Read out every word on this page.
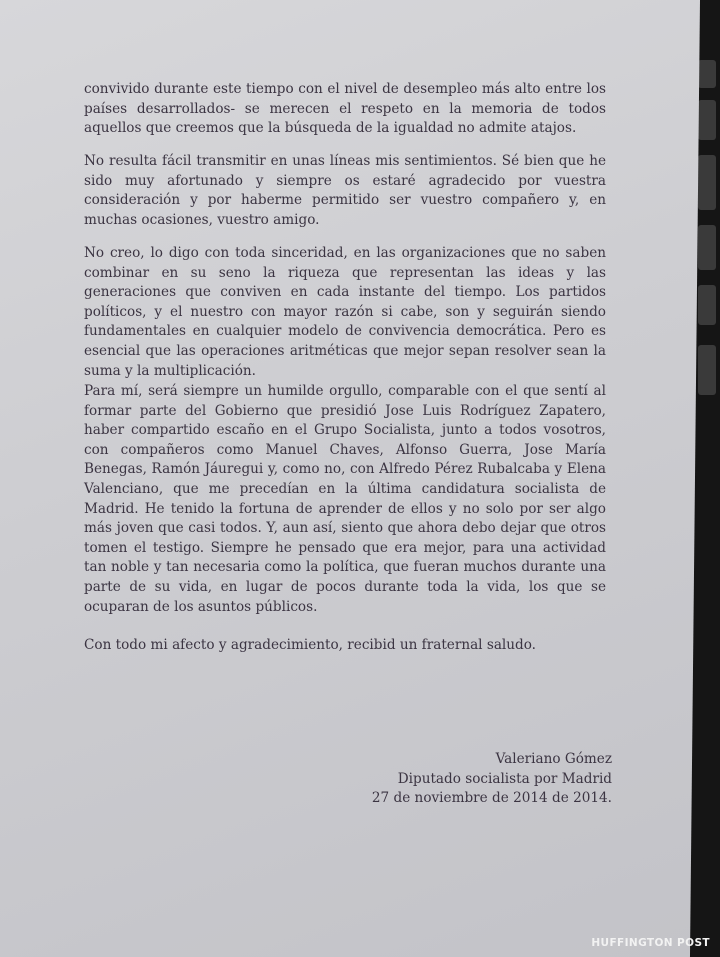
convivido durante este tiempo con el nivel de desempleo más alto entre los países desarrollados- se merecen el respeto en la memoria de todos aquellos que creemos que la búsqueda de la igualdad no admite atajos.

No resulta fácil transmitir en unas líneas mis sentimientos. Sé bien que he sido muy afortunado y siempre os estaré agradecido por vuestra consideración y por haberme permitido ser vuestro compañero y, en muchas ocasiones, vuestro amigo.

No creo, lo digo con toda sinceridad, en las organizaciones que no saben combinar en su seno la riqueza que representan las ideas y las generaciones que conviven en cada instante del tiempo. Los partidos políticos, y el nuestro con mayor razón si cabe, son y seguirán siendo fundamentales en cualquier modelo de convivencia democrática. Pero es esencial que las operaciones aritméticas que mejor sepan resolver sean la suma y la multiplicación.

Para mí, será siempre un humilde orgullo, comparable con el que sentí al formar parte del Gobierno que presidió Jose Luis Rodríguez Zapatero, haber compartido escaño en el Grupo Socialista, junto a todos vosotros, con compañeros como Manuel Chaves, Alfonso Guerra, Jose María Benegas, Ramón Jáuregui y, como no, con Alfredo Pérez Rubalcaba y Elena Valenciano, que me precedían en la última candidatura socialista de Madrid. He tenido la fortuna de aprender de ellos y no solo por ser algo más joven que casi todos. Y, aun así, siento que ahora debo dejar que otros tomen el testigo. Siempre he pensado que era mejor, para una actividad tan noble y tan necesaria como la política, que fueran muchos durante una parte de su vida, en lugar de pocos durante toda la vida, los que se ocuparan de los asuntos públicos.

Con todo mi afecto y agradecimiento, recibid un fraternal saludo.

Valeriano Gómez
Diputado socialista por Madrid
27 de noviembre de 2014 de 2014.
HUFFINGTON POST
